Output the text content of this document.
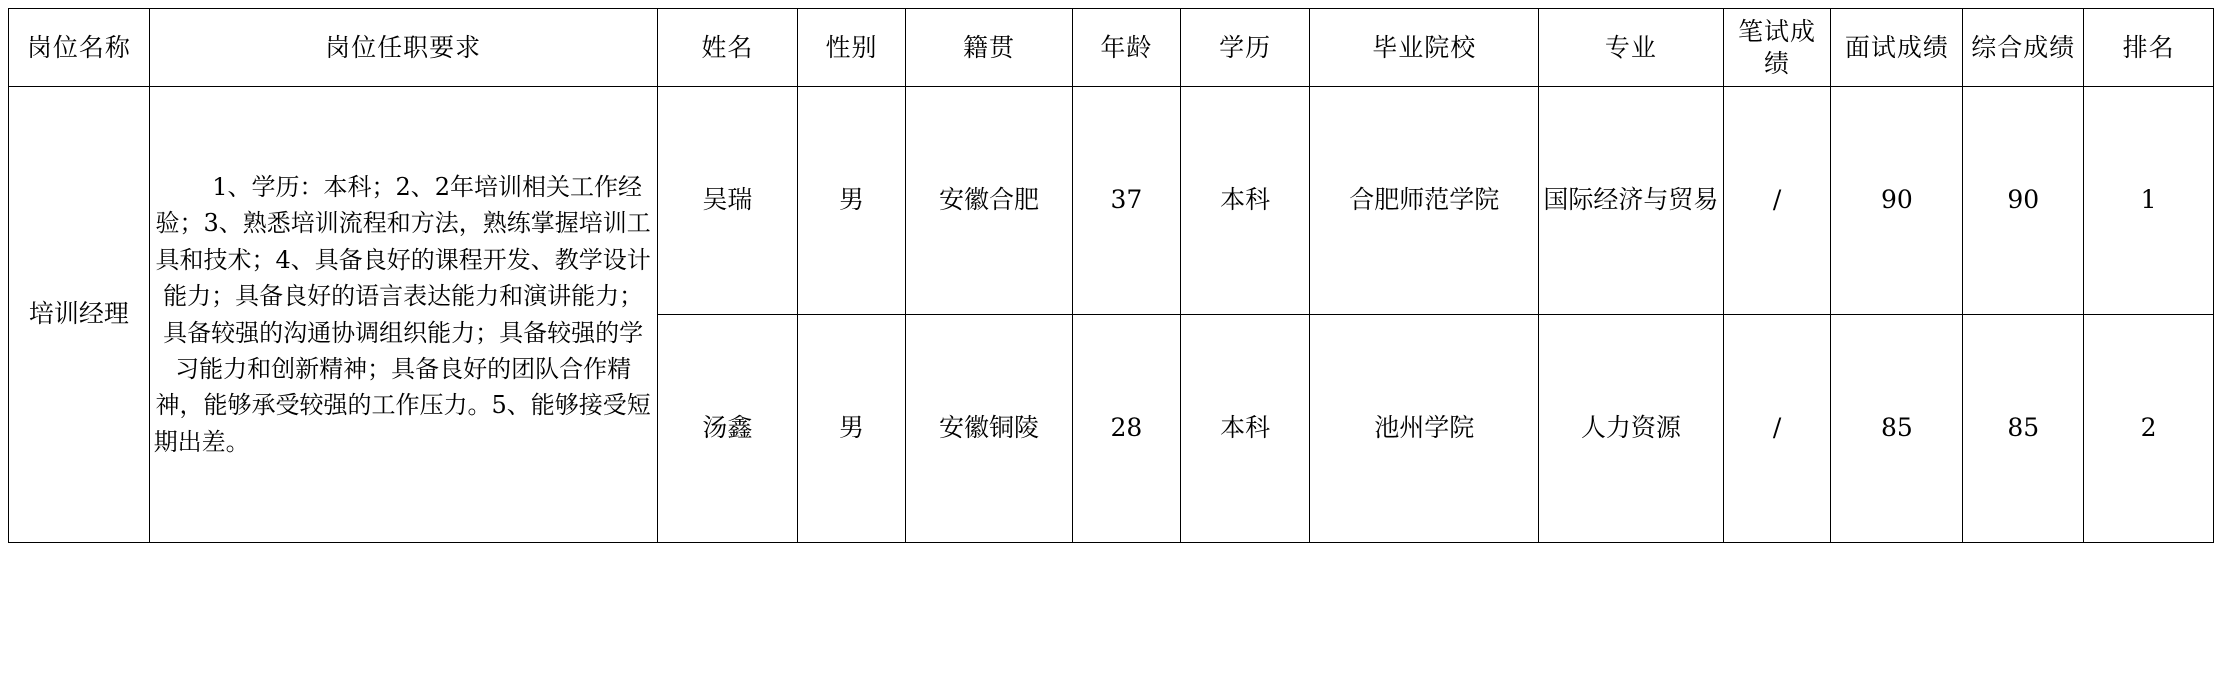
岗位名称	岗位任职要求	姓名	性别	籍贯	年龄	学历	毕业院校	专业	笔试成绩	面试成绩	综合成绩	排名
培训经理	1、学历：本科；2、2年培训相关工作经验；3、熟悉培训流程和方法，熟练掌握培训工具和技术；4、具备良好的课程开发、教学设计能力；具备良好的语言表达能力和演讲能力；具备较强的沟通协调组织能力；具备较强的学习能力和创新精神；具备良好的团队合作精神，能够承受较强的工作压力。5、能够接受短期出差。	吴瑞	男	安徽合肥	37	本科	合肥师范学院	国际经济与贸易	/	90	90	1
		汤鑫	男	安徽铜陵	28	本科	池州学院	人力资源	/	85	85	2
